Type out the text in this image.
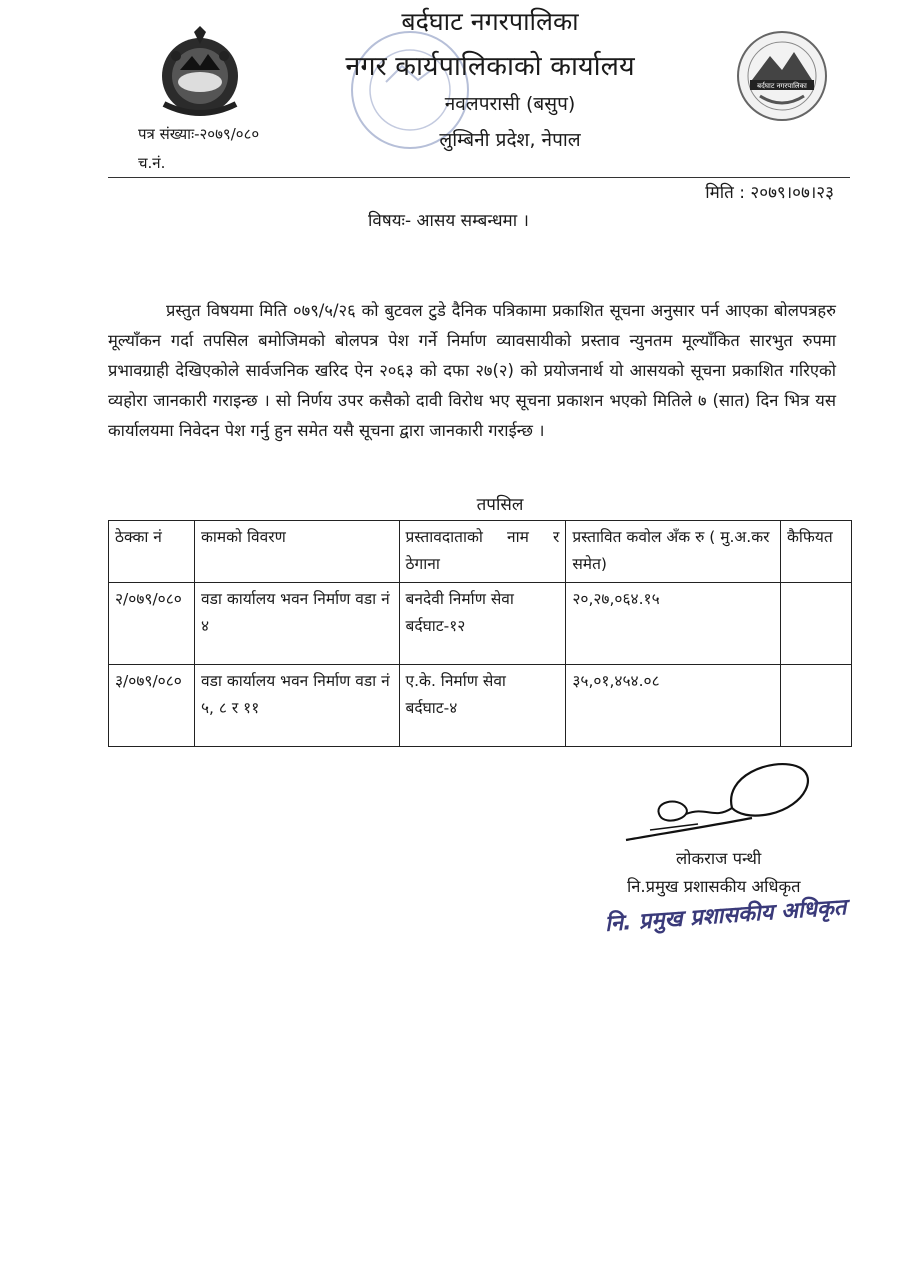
बर्दघाट नगरपालिका
बर्दघाट नगरपालिका
नगर कार्यपालिकाको कार्यालय
नवलपरासी (बसुप)
लुम्बिनी प्रदेश, नेपाल
पत्र संख्याः-२०७९/०८०
च.नं.
मिति : २०७९।०७।२३
विषयः- आसय सम्बन्धमा ।
प्रस्तुत विषयमा मिति ०७९/५/२६ को बुटवल टुडे दैनिक पत्रिकामा प्रकाशित सूचना अनुसार पर्न आएका बोलपत्रहरु मूल्याँकन गर्दा तपसिल बमोजिमको बोलपत्र पेश गर्ने निर्माण व्यावसायीको प्रस्ताव न्युनतम मूल्याँकित सारभुत रुपमा प्रभावग्राही देखिएकोले सार्वजनिक खरिद ऐन २०६३ को दफा २७(२) को प्रयोजनार्थ यो आसयको सूचना प्रकाशित गरिएको व्यहोरा जानकारी गराइन्छ । सो निर्णय उपर कसैको दावी विरोध भए सूचना प्रकाशन भएको मितिले ७ (सात) दिन भित्र यस कार्यालयमा निवेदन पेश गर्नु हुन समेत यसै सूचना द्वारा जानकारी गराईन्छ ।
तपसिल
ठेक्का नं	कामको विवरण	प्रस्तावदाताको नाम र ठेगाना	प्रस्तावित कवोल अँक रु ( मु.अ.कर समेत)	कैफियत
२/०७९/०८०	वडा कार्यालय भवन निर्माण वडा नं ४	बनदेवी निर्माण सेवा बर्दघाट-१२	२०,२७,०६४.१५	
३/०७९/०८०	वडा कार्यालय भवन निर्माण वडा नं ५, ८ र ११	ए.के. निर्माण सेवा बर्दघाट-४	३५,०१,४५४.०८	
लोकराज पन्थी
नि.प्रमुख प्रशासकीय अधिकृत
नि. प्रमुख प्रशासकीय अधिकृत
